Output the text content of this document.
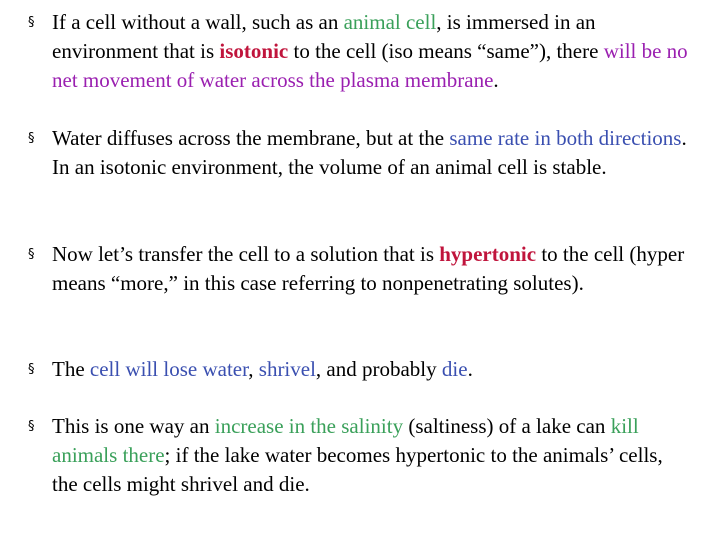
§ If a cell without a wall, such as an animal cell, is immersed in an environment that is isotonic to the cell (iso means “same”), there will be no net movement of water across the plasma membrane.
§ Water diffuses across the membrane, but at the same rate in both directions. In an isotonic environment, the volume of an animal cell is stable.
§ Now let’s transfer the cell to a solution that is hypertonic to the cell (hyper means “more,” in this case referring to nonpenetrating solutes).
§ The cell will lose water, shrivel, and probably die.
§ This is one way an increase in the salinity (saltiness) of a lake can kill animals there; if the lake water becomes hypertonic to the animals’ cells, the cells might shrivel and die.
